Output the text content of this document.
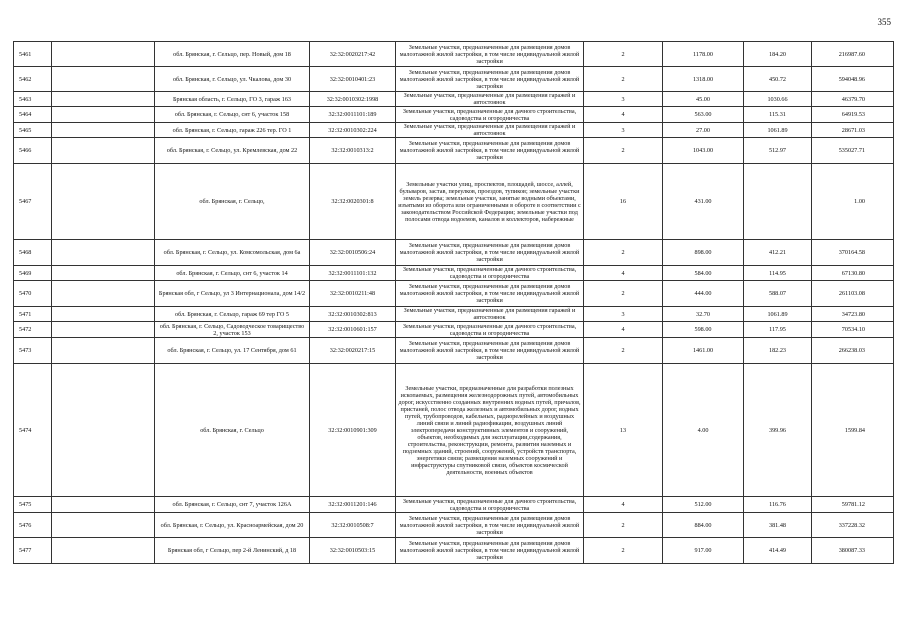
355
5461		обл. Брянская, г. Сельцо, пер. Новый, дом 18	32:32:0020217:42	Земельные участки, предназначенные для размещения домов малоэтажной жилой застройки, в том числе индивидуальной жилой застройки	2	1178.00	184.20	216987.60
5462		обл. Брянская, г. Сельцо, ул. Чкалова, дом 30	32:32:0010401:23	Земельные участки, предназначенные для размещения домов малоэтажной жилой застройки, в том числе индивидуальной жилой застройки	2	1318.00	450.72	594048.96
5463		Брянская область, г. Сельцо, ГО 3, гараж 163	32:32:0010302:1998	Земельные участки, предназначенные для размещения гаражей и автостоянок	3	45.00	1030.66	46379.70
5464		обл. Брянская, г. Сельцо, снт 6, участок 158	32:32:0011101:189	Земельные участки, предназначенные для дачного строительства, садоводства и огородничества	4	563.00	115.31	64919.53
5465		обл. Брянская, г. Сельцо, гараж 226 тер. ГО 1	32:32:0010302:224	Земельные участки, предназначенные для размещения гаражей и автостоянок	3	27.00	1061.89	28671.03
5466		обл. Брянская, г. Сельцо, ул. Кремлевская, дом 22	32:32:0010313:2	Земельные участки, предназначенные для размещения домов малоэтажной жилой застройки, в том числе индивидуальной жилой застройки	2	1043.00	512.97	535027.71
5467		обл. Брянская, г. Сельцо,	32:32:0020301:8	Земельные участки улиц, проспектов, площадей, шоссе, аллей, бульваров, застав, переулков, проездов, тупиков; земельные участки земель резерва; земельные участки, занятые водными объектами, изъятыми из оборота или ограниченными в обороте в соответствии с законодательством Российской Федерации; земельные участки под полосами отвода водоемов, каналов и коллекторов, набережные	16	431.00		1.00
5468		обл. Брянская, г. Сельцо, ул. Комсомольская, дом 6а	32:32:0010506:24	Земельные участки, предназначенные для размещения домов малоэтажной жилой застройки, в том числе индивидуальной жилой застройки	2	898.00	412.21	370164.58
5469		обл. Брянская, г. Сельцо, снт 6, участок 14	32:32:0011101:132	Земельные участки, предназначенные для дачного строительства, садоводства и огородничества	4	584.00	114.95	67130.80
5470		Брянская обл, г Сельцо, ул 3 Интернационала, дом 14/2	32:32:0010211:48	Земельные участки, предназначенные для размещения домов малоэтажной жилой застройки, в том числе индивидуальной жилой застройки	2	444.00	588.07	261103.08
5471		обл. Брянская, г. Сельцо, гараж 69 тер ГО 5	32:32:0010302:813	Земельные участки, предназначенные для размещения гаражей и автостоянок	3	32.70	1061.89	34723.80
5472		обл. Брянская, г. Сельцо, Садоводческое товарищество 2, участок 153	32:32:0010601:157	Земельные участки, предназначенные для дачного строительства, садоводства и огородничества	4	598.00	117.95	70534.10
5473		обл. Брянская, г. Сельцо, ул. 17 Сентября, дом 61	32:32:0020217:15	Земельные участки, предназначенные для размещения домов малоэтажной жилой застройки, в том числе индивидуальной жилой застройки	2	1461.00	182.23	266238.03
5474		обл. Брянская, г. Сельцо	32:32:0010901:309	Земельные участки, предназначенные для разработки полезных ископаемых, размещения железнодорожных путей, автомобильных дорог, искусственно созданных внутренних водных путей, причалов, пристаней, полос отвода железных и автомобильных дорог, водных путей, трубопроводов, кабельных, радиорелейных и воздушных линий связи и линий радиофикации, воздушных линий электропередачи конструктивных элементов и сооружений, объектов, необходимых для эксплуатации,содержания, строительства, реконструкции, ремонта, развития наземных и подземных зданий, строений, сооружений, устройств транспорта, энергетики связи; размещения наземных сооружений и инфраструктуры спутниковой связи, объектов космической деятельности, военных объектов	13	4.00	399.96	1599.84
5475		обл. Брянская, г. Сельцо, снт 7, участок 126А	32:32:0011201:146	Земельные участки, предназначенные для дачного строительства, садоводства и огородничества	4	512.00	116.76	59781.12
5476		обл. Брянская, г. Сельцо, ул. Красноармейская, дом 20	32:32:0010508:7	Земельные участки, предназначенные для размещения домов малоэтажной жилой застройки, в том числе индивидуальной жилой застройки	2	884.00	381.48	337228.32
5477		Брянская обл, г Сельцо, пер 2-й Ленинский, д 18	32:32:0010503:15	Земельные участки, предназначенные для размещения домов малоэтажной жилой застройки, в том числе индивидуальной жилой застройки	2	917.00	414.49	380087.33
